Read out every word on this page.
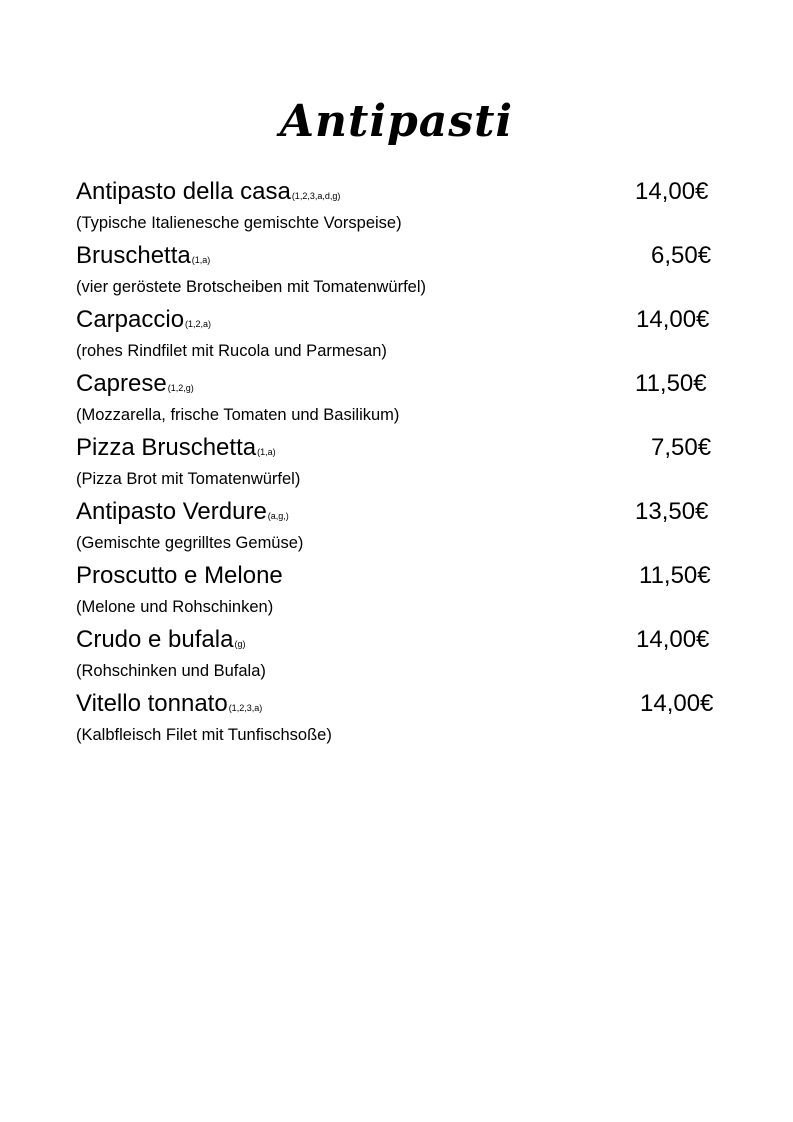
Antipasti
Antipasto della casa(1,2,3,a,d,g)	14,00€
(Typische Italienesche gemischte Vorspeise)
Bruschetta(1,a)	6,50€
(vier geröstete Brotscheiben mit Tomatenwürfel)
Carpaccio(1,2,a)	14,00€
(rohes Rindfilet mit Rucola und Parmesan)
Caprese(1,2,g)	11,50€
(Mozzarella, frische Tomaten und Basilikum)
Pizza Bruschetta(1,a)	7,50€
(Pizza Brot mit Tomatenwürfel)
Antipasto Verdure(a,g,)	13,50€
(Gemischte gegrilltes Gemüse)
Proscutto e Melone	11,50€
(Melone und Rohschinken)
Crudo e bufala(g)	14,00€
(Rohschinken und Bufala)
Vitello tonnato(1,2,3,a)	14,00€
(Kalbfleisch Filet mit Tunfischsoße)
